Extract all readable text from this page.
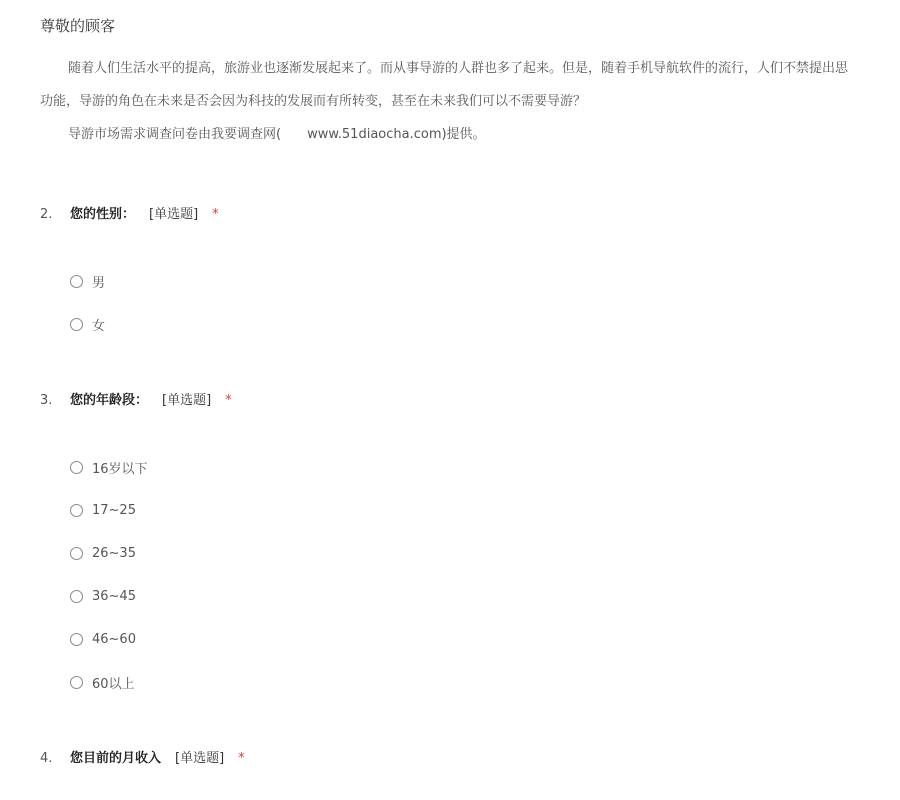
尊敬的顾客
随着人们生活水平的提高，旅游业也逐渐发展起来了。而从事导游的人群也多了起来。但是，随着手机导航软件的流行，人们不禁提出思
功能，导游的角色在未来是否会因为科技的发展而有所转变，甚至在未来我们可以不需要导游？
导游市场需求调查问卷由我要调查网(　　www.51diaocha.com)提供。
2. 您的性别： [单选题] *
男
女
3. 您的年龄段： [单选题] *
16岁以下
17~25
26~35
36~45
46~60
60以上
4. 您目前的月收入 [单选题] *
